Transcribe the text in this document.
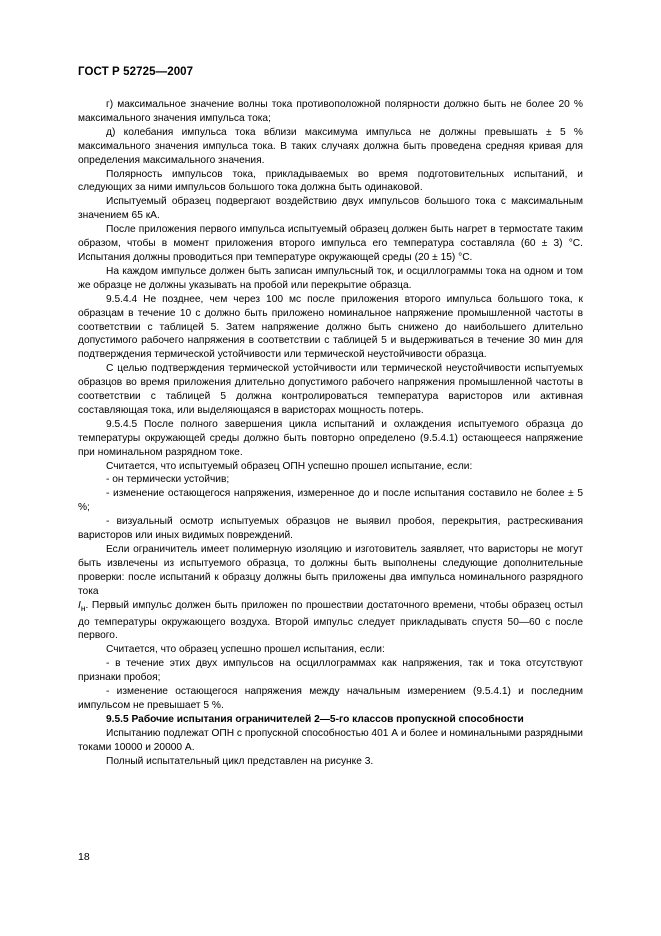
ГОСТ Р 52725—2007

г) максимальное значение волны тока противоположной полярности должно быть не более 20 % максимального значения импульса тока;

д) колебания импульса тока вблизи максимума импульса не должны превышать ± 5 % максимального значения импульса тока. В таких случаях должна быть проведена средняя кривая для определения максимального значения.

Полярность импульсов тока, прикладываемых во время подготовительных испытаний, и следующих за ними импульсов большого тока должна быть одинаковой.

Испытуемый образец подвергают воздействию двух импульсов большого тока с максимальным значением 65 кА.

После приложения первого импульса испытуемый образец должен быть нагрет в термостате таким образом, чтобы в момент приложения второго импульса его температура составляла (60 ± 3) °С. Испытания должны проводиться при температуре окружающей среды (20 ± 15) °С.

На каждом импульсе должен быть записан импульсный ток, и осциллограммы тока на одном и том же образце не должны указывать на пробой или перекрытие образца.

9.5.4.4 Не позднее, чем через 100 мс после приложения второго импульса большого тока, к образцам в течение 10 с должно быть приложено номинальное напряжение промышленной частоты в соответствии с таблицей 5. Затем напряжение должно быть снижено до наибольшего длительно допустимого рабочего напряжения в соответствии с таблицей 5 и выдерживаться в течение 30 мин для подтверждения термической устойчивости или термической неустойчивости образца.

С целью подтверждения термической устойчивости или термической неустойчивости испытуемых образцов во время приложения длительно допустимого рабочего напряжения промышленной частоты в соответствии с таблицей 5 должна контролироваться температура варисторов или активная составляющая тока, или выделяющаяся в варисторах мощность потерь.

9.5.4.5 После полного завершения цикла испытаний и охлаждения испытуемого образца до температуры окружающей среды должно быть повторно определено (9.5.4.1) остающееся напряжение при номинальном разрядном токе.

Считается, что испытуемый образец ОПН успешно прошел испытание, если:

- он термически устойчив;

- изменение остающегося напряжения, измеренное до и после испытания составило не более ± 5 %;

- визуальный осмотр испытуемых образцов не выявил пробоя, перекрытия, растрескивания варисторов или иных видимых повреждений.

Если ограничитель имеет полимерную изоляцию и изготовитель заявляет, что варисторы не могут быть извлечены из испытуемого образца, то должны быть выполнены следующие дополнительные проверки: после испытаний к образцу должны быть приложены два импульса номинального разрядного тока

$I_н$. Первый импульс должен быть приложен по прошествии достаточного времени, чтобы образец остыл до температуры окружающего воздуха. Второй импульс следует прикладывать спустя 50—60 с после первого.

Считается, что образец успешно прошел испытания, если:

- в течение этих двух импульсов на осциллограммах как напряжения, так и тока отсутствуют признаки пробоя;

- изменение остающегося напряжения между начальным измерением (9.5.4.1) и последним импульсом не превышает 5 %.

9.5.5 Рабочие испытания ограничителей 2—5-го классов пропускной способности

Испытанию подлежат ОПН с пропускной способностью 401 А и более и номинальными разрядными токами 10000 и 20000 А.

Полный испытательный цикл представлен на рисунке 3.

18
